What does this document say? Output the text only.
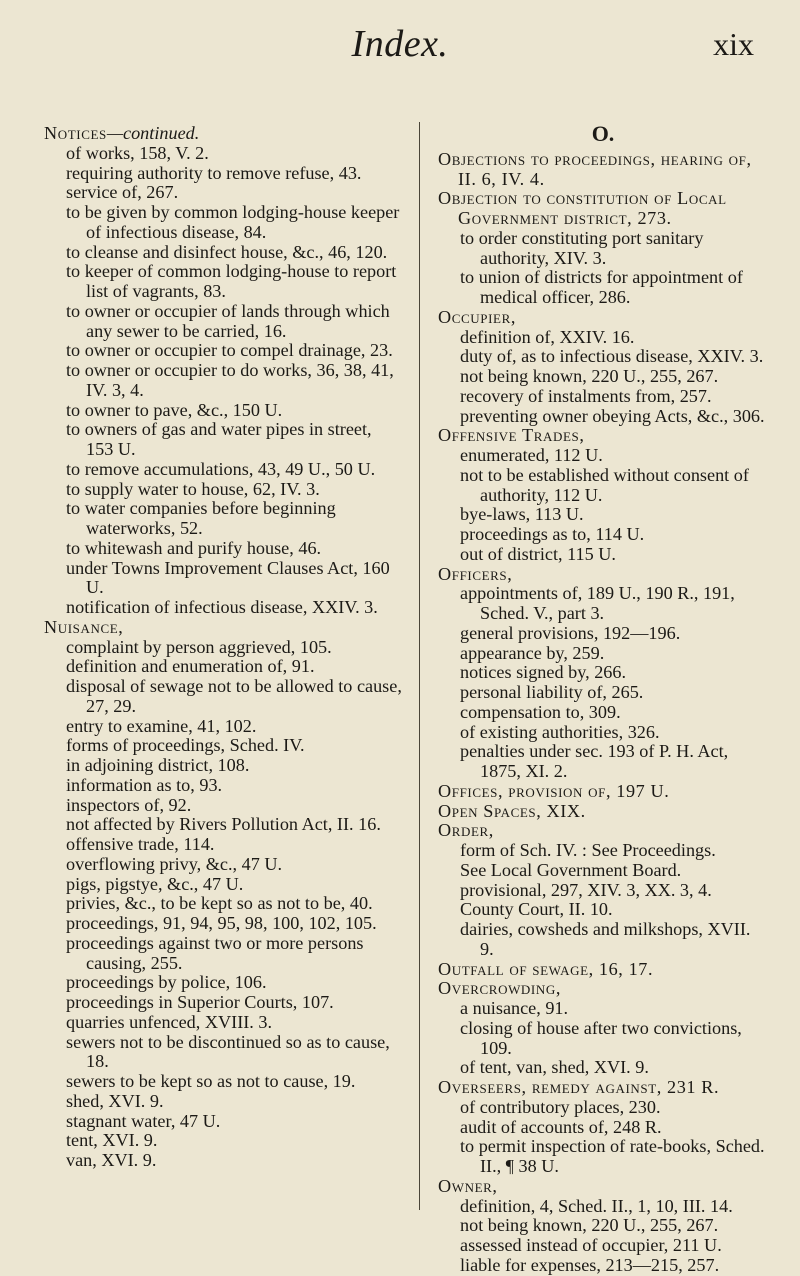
Index.	xix

Notices—continued.

of works, 158, V. 2.

requiring authority to remove refuse, 43.

service of, 267.

to be given by common lodging-house keeper of infectious disease, 84.

to cleanse and disinfect house, &c., 46, 120.

to keeper of common lodging-house to report list of vagrants, 83.

to owner or occupier of lands through which any sewer to be carried, 16.

to owner or occupier to compel drainage, 23.

to owner or occupier to do works, 36, 38, 41, IV. 3, 4.

to owner to pave, &c., 150 U.

to owners of gas and water pipes in street, 153 U.

to remove accumulations, 43, 49 U., 50 U.

to supply water to house, 62, IV. 3.

to water companies before beginning waterworks, 52.

to whitewash and purify house, 46.

under Towns Improvement Clauses Act, 160 U.

notification of infectious disease, XXIV. 3.

Nuisance,

complaint by person aggrieved, 105.

definition and enumeration of, 91.

disposal of sewage not to be allowed to cause, 27, 29.

entry to examine, 41, 102.

forms of proceedings, Sched. IV.

in adjoining district, 108.

information as to, 93.

inspectors of, 92.

not affected by Rivers Pollution Act, II. 16.

offensive trade, 114.

overflowing privy, &c., 47 U.

pigs, pigstye, &c., 47 U.

privies, &c., to be kept so as not to be, 40.

proceedings, 91, 94, 95, 98, 100, 102, 105.

proceedings against two or more persons causing, 255.

proceedings by police, 106.

proceedings in Superior Courts, 107.

quarries unfenced, XVIII. 3.

sewers not to be discontinued so as to cause, 18.

sewers to be kept so as not to cause, 19.

shed, XVI. 9.

stagnant water, 47 U.

tent, XVI. 9.

van, XVI. 9.

O.

Objections to proceedings, hearing of, II. 6, IV. 4.

Objection to constitution of Local Government district, 273.

to order constituting port sanitary authority, XIV. 3.

to union of districts for appointment of medical officer, 286.

Occupier,

definition of, XXIV. 16.

duty of, as to infectious disease, XXIV. 3.

not being known, 220 U., 255, 267.

recovery of instalments from, 257.

preventing owner obeying Acts, &c., 306.

Offensive Trades,

enumerated, 112 U.

not to be established without consent of authority, 112 U.

bye-laws, 113 U.

proceedings as to, 114 U.

out of district, 115 U.

Officers,

appointments of, 189 U., 190 R., 191, Sched. V., part 3.

general provisions, 192—196.

appearance by, 259.

notices signed by, 266.

personal liability of, 265.

compensation to, 309.

of existing authorities, 326.

penalties under sec. 193 of P. H. Act, 1875, XI. 2.

Offices, provision of, 197 U.

Open Spaces, XIX.

Order,

form of Sch. IV. : See Proceedings.

See Local Government Board.

provisional, 297, XIV. 3, XX. 3, 4.

County Court, II. 10.

dairies, cowsheds and milkshops, XVII. 9.

Outfall of sewage, 16, 17.

Overcrowding,

a nuisance, 91.

closing of house after two convictions, 109.

of tent, van, shed, XVI. 9.

Overseers, remedy against, 231 R.

of contributory places, 230.

audit of accounts of, 248 R.

to permit inspection of rate-books, Sched. II., ¶ 38 U.

Owner,

definition, 4, Sched. II., 1, 10, III. 14.

not being known, 220 U., 255, 267.

assessed instead of occupier, 211 U.

liable for expenses, 213—215, 257.
